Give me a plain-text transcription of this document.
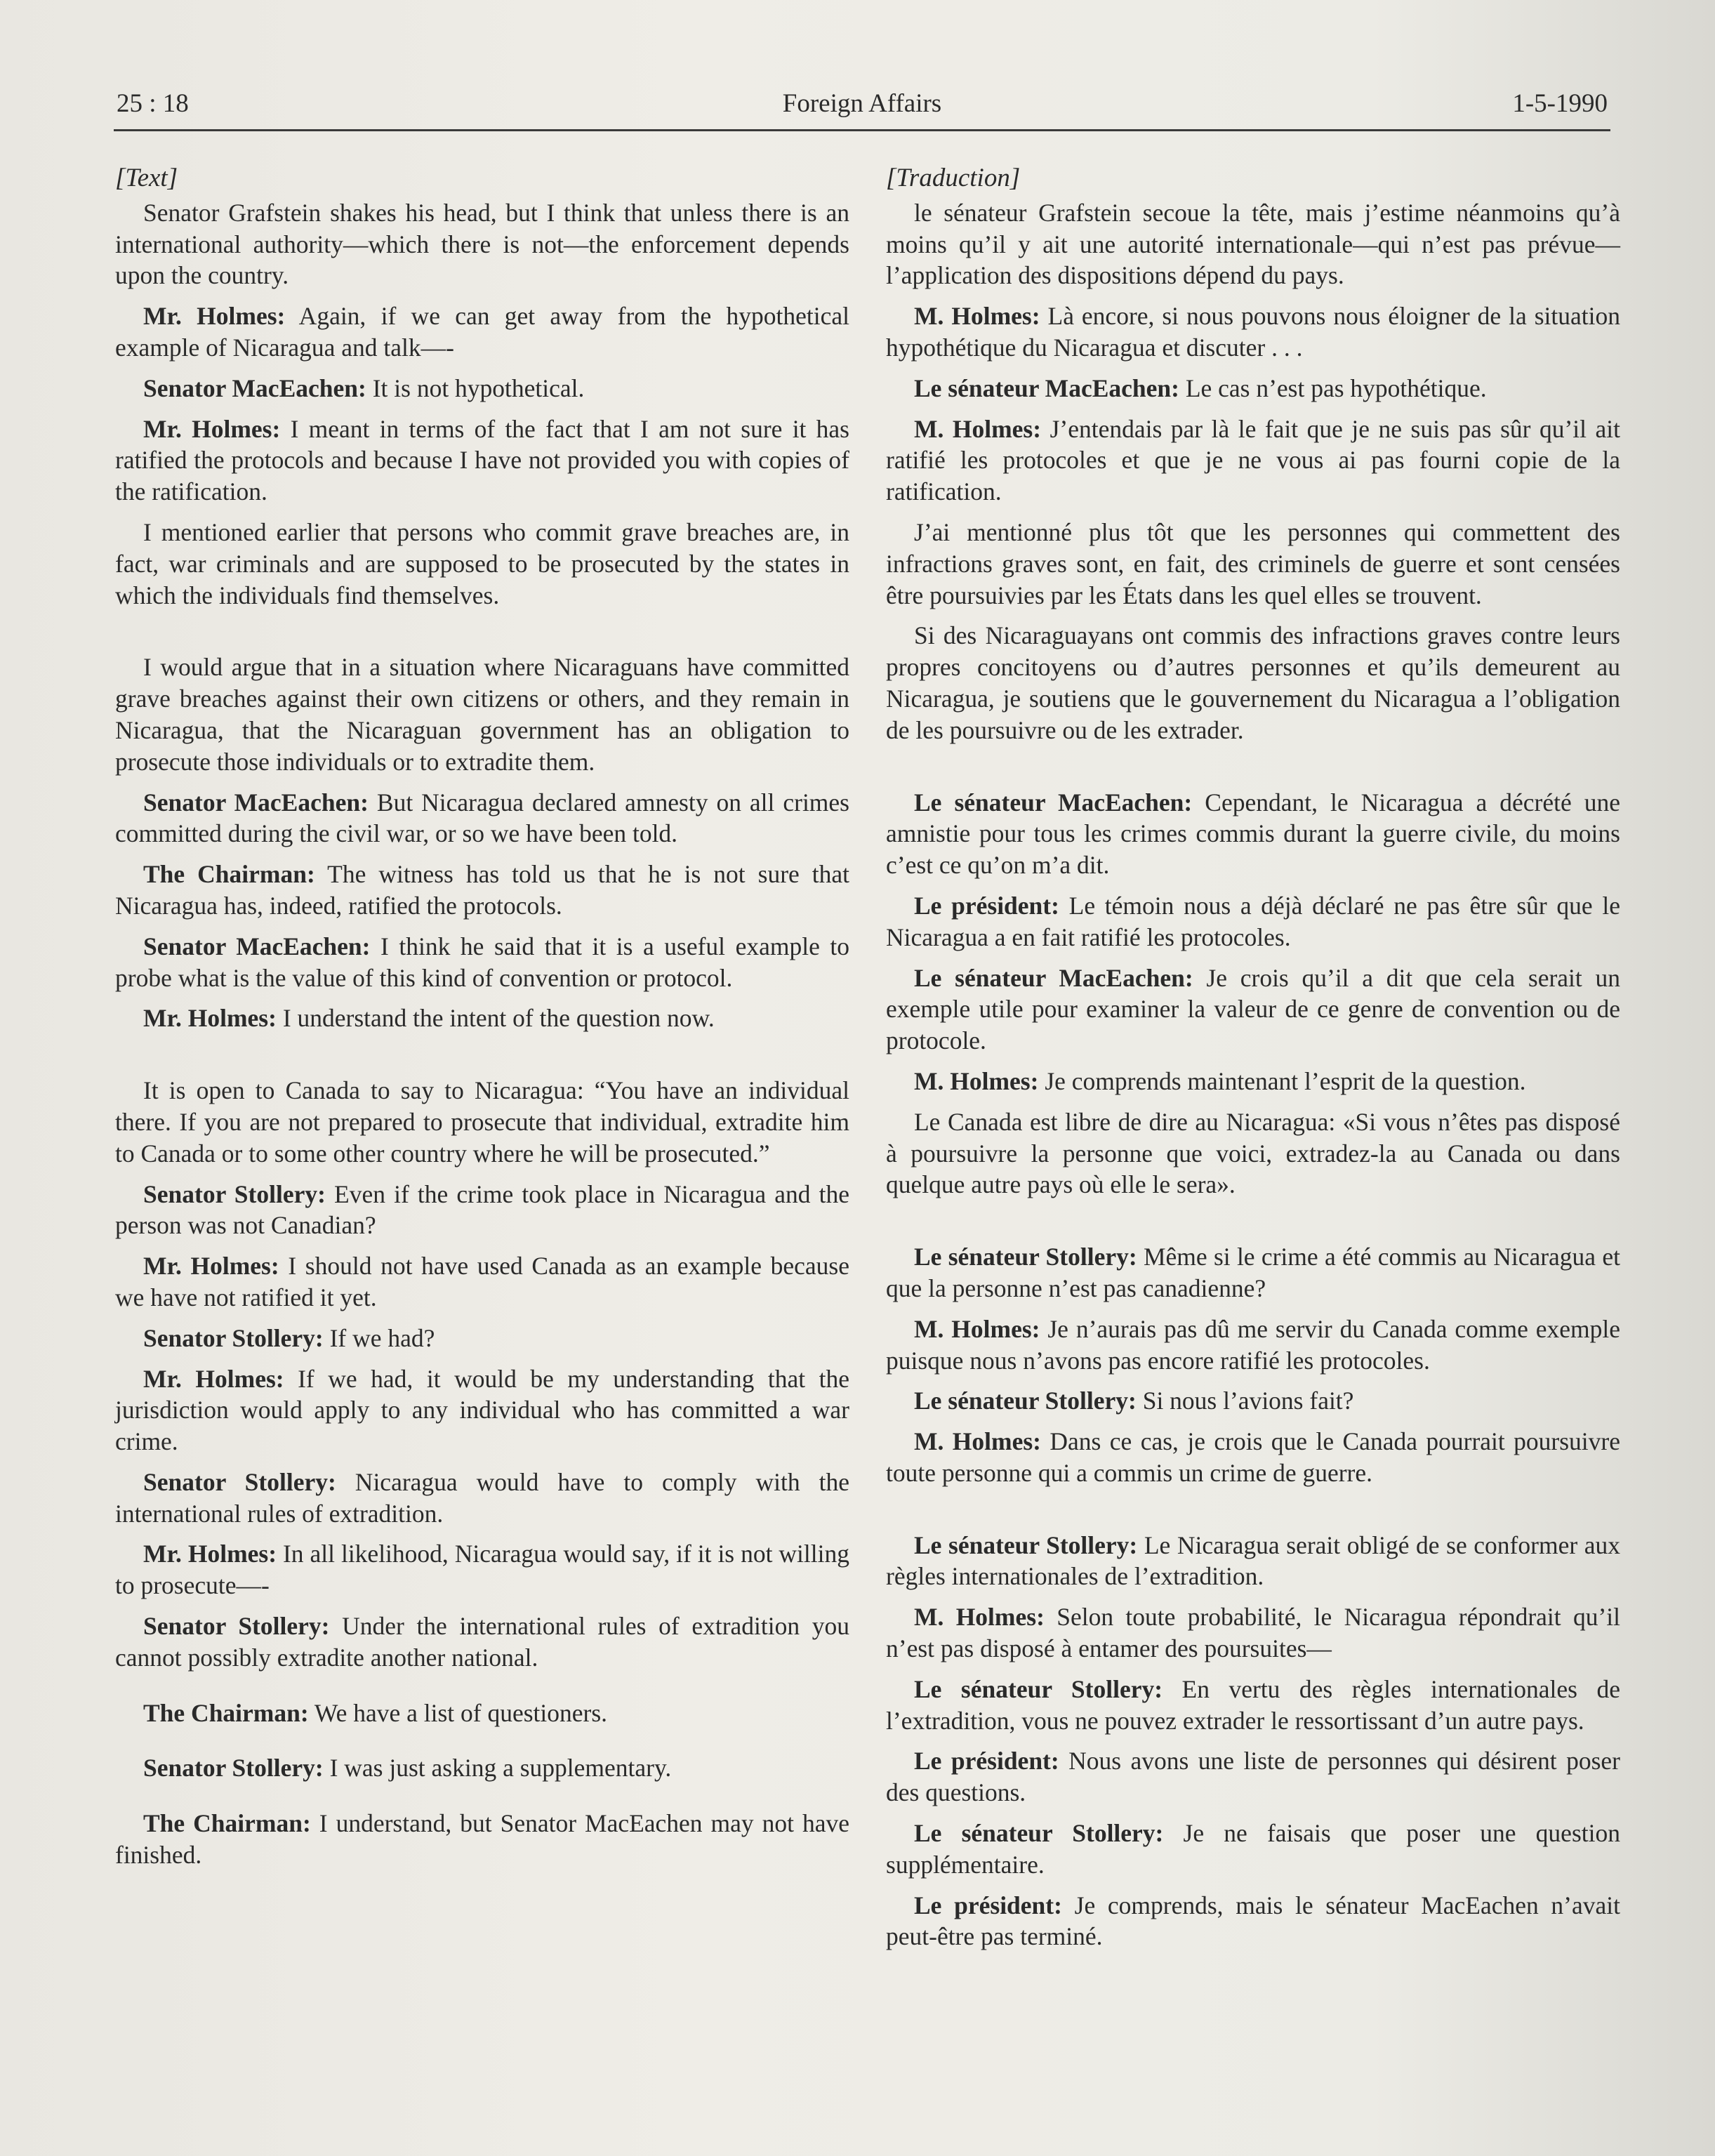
25 : 18	Foreign Affairs	1-5-1990

[Text]

Senator Grafstein shakes his head, but I think that unless there is an international authority—which there is not—the enforcement depends upon the country.

Mr. Holmes: Again, if we can get away from the hypothetical example of Nicaragua and talk—-

Senator MacEachen: It is not hypothetical.

Mr. Holmes: I meant in terms of the fact that I am not sure it has ratified the protocols and because I have not provided you with copies of the ratification.

I mentioned earlier that persons who commit grave breaches are, in fact, war criminals and are supposed to be prosecuted by the states in which the individuals find themselves.

I would argue that in a situation where Nicaraguans have committed grave breaches against their own citizens or others, and they remain in Nicaragua, that the Nicaraguan government has an obligation to prosecute those individuals or to extradite them.

Senator MacEachen: But Nicaragua declared amnesty on all crimes committed during the civil war, or so we have been told.

The Chairman: The witness has told us that he is not sure that Nicaragua has, indeed, ratified the protocols.

Senator MacEachen: I think he said that it is a useful example to probe what is the value of this kind of convention or protocol.

Mr. Holmes: I understand the intent of the question now.

It is open to Canada to say to Nicaragua: “You have an individual there. If you are not prepared to prosecute that individual, extradite him to Canada or to some other country where he will be prosecuted.”

Senator Stollery: Even if the crime took place in Nicaragua and the person was not Canadian?

Mr. Holmes: I should not have used Canada as an example because we have not ratified it yet.

Senator Stollery: If we had?

Mr. Holmes: If we had, it would be my understanding that the jurisdiction would apply to any individual who has committed a war crime.

Senator Stollery: Nicaragua would have to comply with the international rules of extradition.

Mr. Holmes: In all likelihood, Nicaragua would say, if it is not willing to prosecute—-

Senator Stollery: Under the international rules of extradition you cannot possibly extradite another national.

The Chairman: We have a list of questioners.

Senator Stollery: I was just asking a supplementary.

The Chairman: I understand, but Senator MacEachen may not have finished.

[Traduction]

le sénateur Grafstein secoue la tête, mais j’estime néanmoins qu’à moins qu’il y ait une autorité internationale—qui n’est pas prévue—l’application des dispositions dépend du pays.

M. Holmes: Là encore, si nous pouvons nous éloigner de la situation hypothétique du Nicaragua et discuter . . .

Le sénateur MacEachen: Le cas n’est pas hypothétique.

M. Holmes: J’entendais par là le fait que je ne suis pas sûr qu’il ait ratifié les protocoles et que je ne vous ai pas fourni copie de la ratification.

J’ai mentionné plus tôt que les personnes qui commettent des infractions graves sont, en fait, des criminels de guerre et sont censées être poursuivies par les États dans les quel elles se trouvent.

Si des Nicaraguayans ont commis des infractions graves contre leurs propres concitoyens ou d’autres personnes et qu’ils demeurent au Nicaragua, je soutiens que le gouvernement du Nicaragua a l’obligation de les poursuivre ou de les extrader.

Le sénateur MacEachen: Cependant, le Nicaragua a décrété une amnistie pour tous les crimes commis durant la guerre civile, du moins c’est ce qu’on m’a dit.

Le président: Le témoin nous a déjà déclaré ne pas être sûr que le Nicaragua a en fait ratifié les protocoles.

Le sénateur MacEachen: Je crois qu’il a dit que cela serait un exemple utile pour examiner la valeur de ce genre de convention ou de protocole.

M. Holmes: Je comprends maintenant l’esprit de la question.

Le Canada est libre de dire au Nicaragua: «Si vous n’êtes pas disposé à poursuivre la personne que voici, extradez-la au Canada ou dans quelque autre pays où elle le sera».

Le sénateur Stollery: Même si le crime a été commis au Nicaragua et que la personne n’est pas canadienne?

M. Holmes: Je n’aurais pas dû me servir du Canada comme exemple puisque nous n’avons pas encore ratifié les protocoles.

Le sénateur Stollery: Si nous l’avions fait?

M. Holmes: Dans ce cas, je crois que le Canada pourrait poursuivre toute personne qui a commis un crime de guerre.

Le sénateur Stollery: Le Nicaragua serait obligé de se conformer aux règles internationales de l’extradition.

M. Holmes: Selon toute probabilité, le Nicaragua répondrait qu’il n’est pas disposé à entamer des poursuites—

Le sénateur Stollery: En vertu des règles internationales de l’extradition, vous ne pouvez extrader le ressortissant d’un autre pays.

Le président: Nous avons une liste de personnes qui désirent poser des questions.

Le sénateur Stollery: Je ne faisais que poser une question supplémentaire.

Le président: Je comprends, mais le sénateur MacEachen n’avait peut-être pas terminé.
